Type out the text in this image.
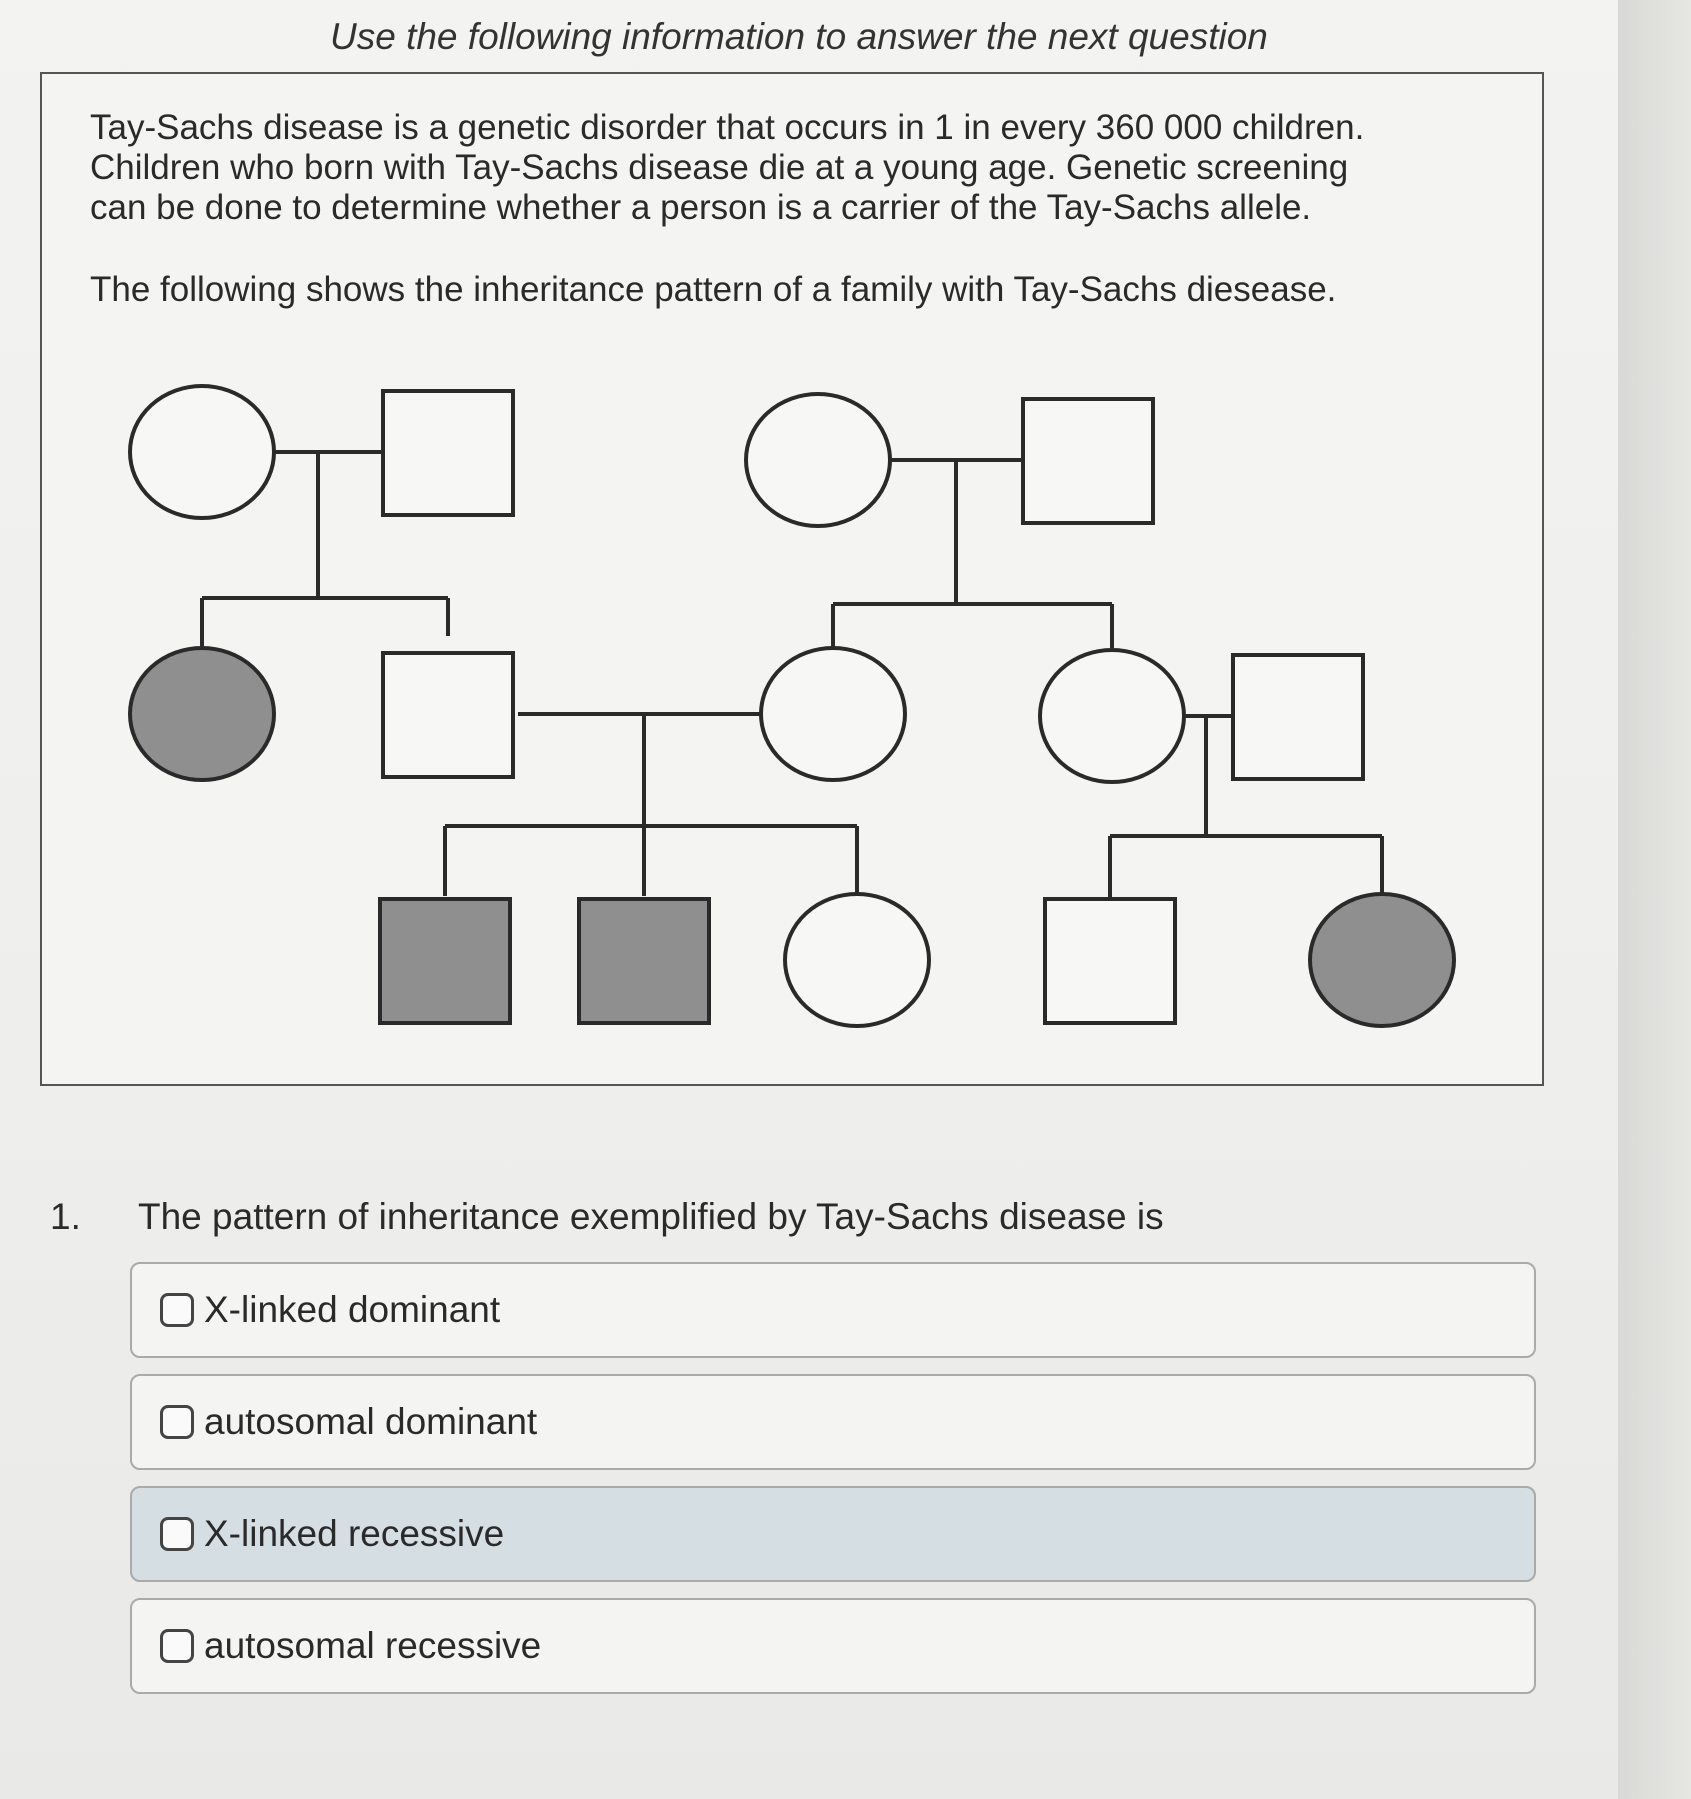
Use the following information to answer the next question
Tay-Sachs disease is a genetic disorder that occurs in 1 in every 360 000 children.
Children who born with Tay-Sachs disease die at a young age. Genetic screening
can be done to determine whether a person is a carrier of the Tay-Sachs allele.
The following shows the inheritance pattern of a family with Tay-Sachs diesease.
1. The pattern of inheritance exemplified by Tay-Sachs disease is
X-linked dominant
autosomal dominant
X-linked recessive
autosomal recessive
